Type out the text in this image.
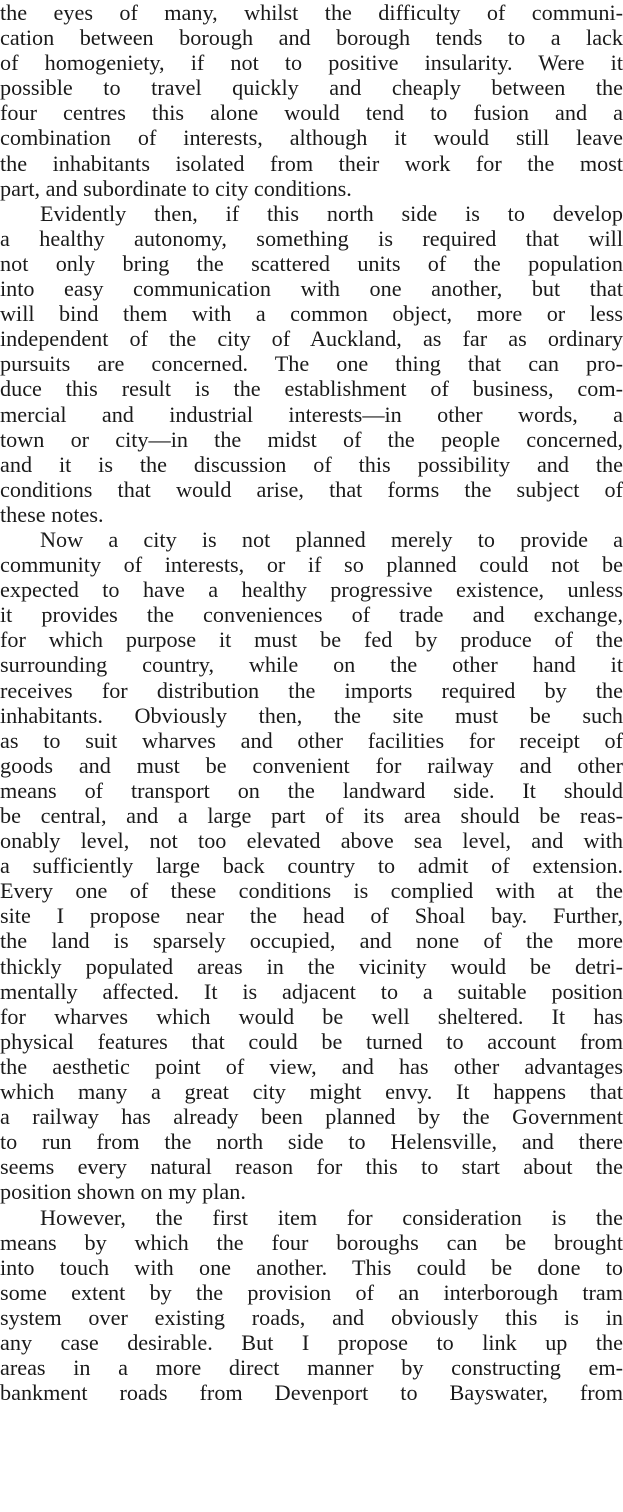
the eyes of many, whilst the difficulty of communi-
cation between borough and borough tends to a lack
of homogeniety, if not to positive insularity. Were it
possible to travel quickly and cheaply between the
four centres this alone would tend to fusion and a
combination of interests, although it would still leave
the inhabitants isolated from their work for the most
part, and subordinate to city conditions.
Evidently then, if this north side is to develop
a healthy autonomy, something is required that will
not only bring the scattered units of the population
into easy communication with one another, but that
will bind them with a common object, more or less
independent of the city of Auckland, as far as ordinary
pursuits are concerned. The one thing that can pro-
duce this result is the establishment of business, com-
mercial and industrial interests—in other words, a
town or city—in the midst of the people concerned,
and it is the discussion of this possibility and the
conditions that would arise, that forms the subject of
these notes.
Now a city is not planned merely to provide a
community of interests, or if so planned could not be
expected to have a healthy progressive existence, unless
it provides the conveniences of trade and exchange,
for which purpose it must be fed by produce of the
surrounding country, while on the other hand it
receives for distribution the imports required by the
inhabitants. Obviously then, the site must be such
as to suit wharves and other facilities for receipt of
goods and must be convenient for railway and other
means of transport on the landward side. It should
be central, and a large part of its area should be reas-
onably level, not too elevated above sea level, and with
a sufficiently large back country to admit of extension.
Every one of these conditions is complied with at the
site I propose near the head of Shoal bay. Further,
the land is sparsely occupied, and none of the more
thickly populated areas in the vicinity would be detri-
mentally affected. It is adjacent to a suitable position
for wharves which would be well sheltered. It has
physical features that could be turned to account from
the aesthetic point of view, and has other advantages
which many a great city might envy. It happens that
a railway has already been planned by the Government
to run from the north side to Helensville, and there
seems every natural reason for this to start about the
position shown on my plan.
However, the first item for consideration is the
means by which the four boroughs can be brought
into touch with one another. This could be done to
some extent by the provision of an interborough tram
system over existing roads, and obviously this is in
any case desirable. But I propose to link up the
areas in a more direct manner by constructing em-
bankment roads from Devenport to Bayswater, from
